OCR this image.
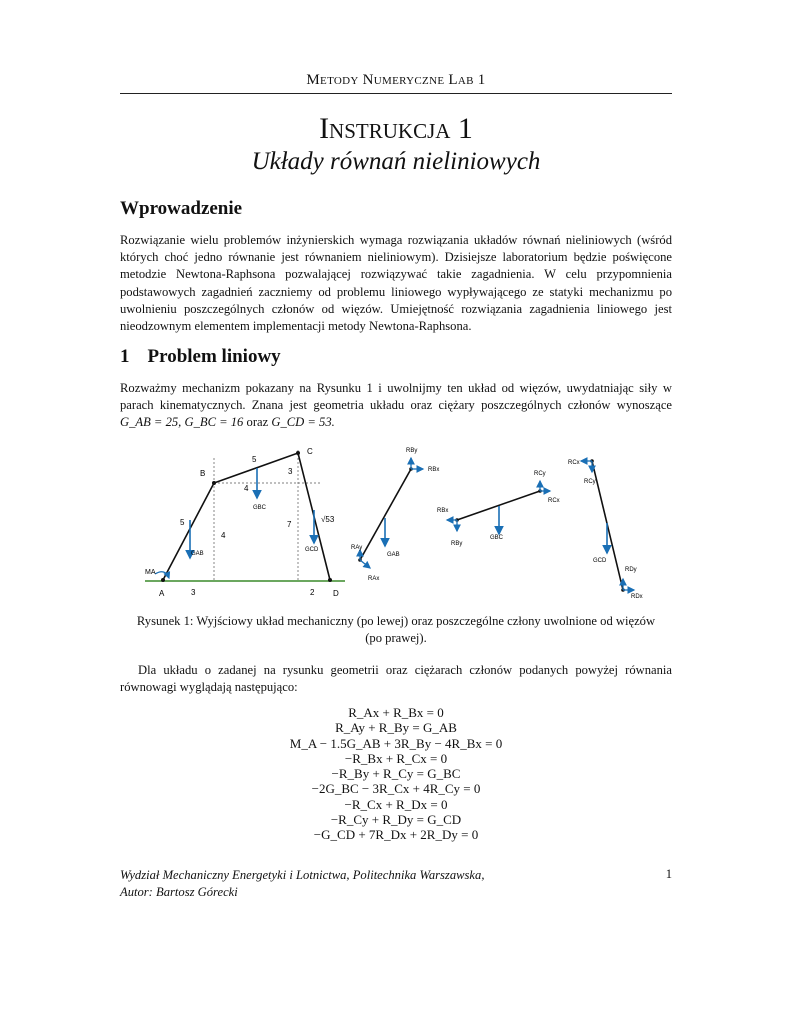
Metody Numeryczne Lab 1
Instrukcja 1
Układy równań nieliniowych
Wprowadzenie
Rozwiązanie wielu problemów inżynierskich wymaga rozwiązania układów równań nieliniowych (wśród których choć jedno równanie jest równaniem nieliniowym). Dzisiejsze laboratorium będzie poświęcone metodzie Newtona-Raphsona pozwalającej rozwiązywać takie zagadnienia. W celu przypomnienia podstawowych zagadnień zaczniemy od problemu liniowego wypływającego ze statyki mechanizmu po uwolnieniu poszczególnych członów od więzów. Umiejętność rozwiązania zagadnienia liniowego jest nieodzownym elementem implementacji metody Newtona-Raphsona.
1 Problem liniowy
Rozważmy mechanizm pokazany na Rysunku 1 i uwolnijmy ten układ od więzów, uwydatniając siły w parach kinematycznych. Znana jest geometria układu oraz ciężary poszczególnych członów wynoszące G_AB = 25, G_BC = 16 oraz G_CD = 53.
A
B
C
D
5
5
3
4
4
7
3	2
√53
GAB
GBC
GCD
MA
RBy
RBx
RAy
RAx
GAB
RCy
RCx
RBx
RBy
GBC
RCx
RCy
GCD
RDy
RDx
Rysunek 1: Wyjściowy układ mechaniczny (po lewej) oraz poszczególne człony uwolnione od więzów (po prawej).
Dla układu o zadanej na rysunku geometrii oraz ciężarach członów podanych powyżej równania równowagi wyglądają następująco:
R_Ax + R_Bx = 0
R_Ay + R_By = G_AB
M_A − 1.5G_AB + 3R_By − 4R_Bx = 0
−R_Bx + R_Cx = 0
−R_By + R_Cy = G_BC
−2G_BC − 3R_Cx + 4R_Cy = 0
−R_Cx + R_Dx = 0
−R_Cy + R_Dy = G_CD
−G_CD + 7R_Dx + 2R_Dy = 0
Wydział Mechaniczny Energetyki i Lotnictwa, Politechnika Warszawska,
Autor: Bartosz Górecki
1
